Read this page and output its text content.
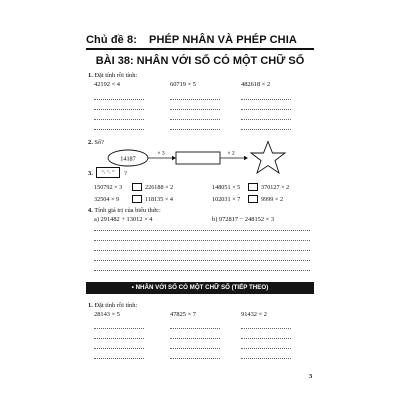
Chủ đề 8: PHÉP NHÂN VÀ PHÉP CHIA
BÀI 38: NHÂN VỚI SỐ CÓ MỘT CHỮ SỐ
1. Đặt tính rồi tính:
42192 × 4	60719 × 5	482618 × 2
2. Số?
14187
× 3	× 2
3.	>, <, =	?
150792 × 3	226188 × 2	148051 × 5	370127 × 2
32504 × 9	118135 × 4	102031 × 7	9999 × 2
4. Tính giá trị của biểu thức:
a) 291482 + 13012 × 4	b) 972817 − 248152 × 3
• NHÂN VỚI SỐ CÓ MỘT CHỮ SỐ (TIẾP THEO)
1. Đặt tính rồi tính:
28143 × 5	47825 × 7	91432 × 2
3
